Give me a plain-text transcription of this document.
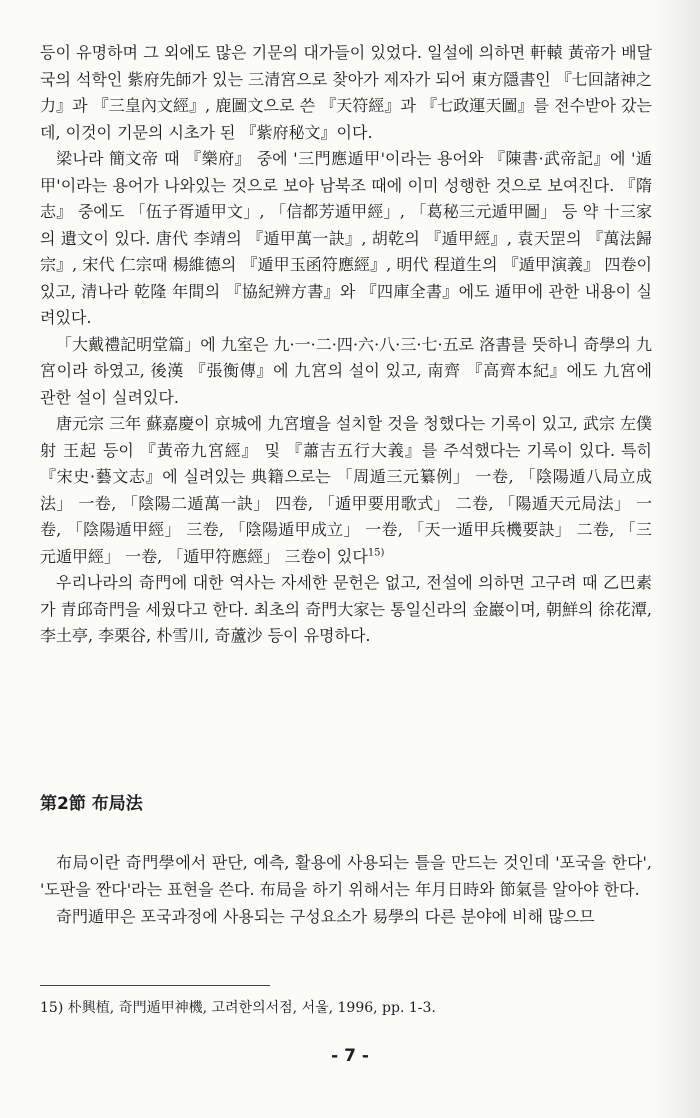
등이 유명하며 그 외에도 많은 기문의 대가들이 있었다. 일설에 의하면 軒轅 黃帝가 배달국의 석학인 紫府先師가 있는 三清宮으로 찾아가 제자가 되어 東方隱書인 『七回諸神之力』과 『三皇內文經』, 鹿圖文으로 쓴 『天符經』과 『七政運天圖』를 전수받아 갔는데, 이것이 기문의 시초가 된 『紫府秘文』이다.

梁나라 簡文帝 때 『樂府』 중에 '三門應遁甲'이라는 용어와 『陳書·武帝記』에 '遁甲'이라는 용어가 나와있는 것으로 보아 남북조 때에 이미 성행한 것으로 보여진다. 『隋志』 중에도 「伍子胥遁甲文」, 「信都芳遁甲經」, 「葛秘三元遁甲圖」 등 약 十三家의 遺文이 있다. 唐代 李靖의 『遁甲萬一訣』, 胡乾의 『遁甲經』, 袁天罡의 『萬法歸宗』, 宋代 仁宗때 楊維德의 『遁甲玉函符應經』, 明代 程道生의 『遁甲演義』 四卷이 있고, 清나라 乾隆 年間의 『協紀辨方書』와 『四庫全書』에도 遁甲에 관한 내용이 실려있다.

「大戴禮記明堂篇」에 九室은 九·一·二·四·六·八·三·七·五로 洛書를 뜻하니 奇學의 九宮이라 하였고, 後漢 『張衡傳』에 九宮의 설이 있고, 南齊 『高齊本紀』에도 九宮에 관한 설이 실려있다.

唐元宗 三年 蘇嘉慶이 京城에 九宮壇을 설치할 것을 청했다는 기록이 있고, 武宗 左僕射 王起 등이 『黃帝九宮經』 및 『蕭吉五行大義』를 주석했다는 기록이 있다. 특히 『宋史·藝文志』에 실려있는 典籍으로는 「周遁三元纂例」 一卷, 「陰陽遁八局立成法」 一卷, 「陰陽二遁萬一訣」 四卷, 「遁甲要用歌式」 二卷, 「陽遁天元局法」 一卷, 「陰陽遁甲經」 三卷, 「陰陽遁甲成立」 一卷, 「天一遁甲兵機要訣」 二卷, 「三元遁甲經」 一卷, 「遁甲符應經」 三卷이 있다$^{15)}$

우리나라의 奇門에 대한 역사는 자세한 문헌은 없고, 전설에 의하면 고구려 때 乙巴素가 青邱奇門을 세웠다고 한다. 최초의 奇門大家는 통일신라의 金巖이며, 朝鮮의 徐花潭, 李土亭, 李栗谷, 朴雪川, 奇蘆沙 등이 유명하다.

第2節 布局法

布局이란 奇門學에서 판단, 예측, 활용에 사용되는 틀을 만드는 것인데 '포국을 한다', '도판을 짠다'라는 표현을 쓴다. 布局을 하기 위해서는 年月日時와 節氣를 알아야 한다.

奇門遁甲은 포국과정에 사용되는 구성요소가 易學의 다른 분야에 비해 많으므

15) 朴興植, 奇門遁甲神機, 고려한의서점, 서울, 1996, pp. 1-3.
- 7 -
